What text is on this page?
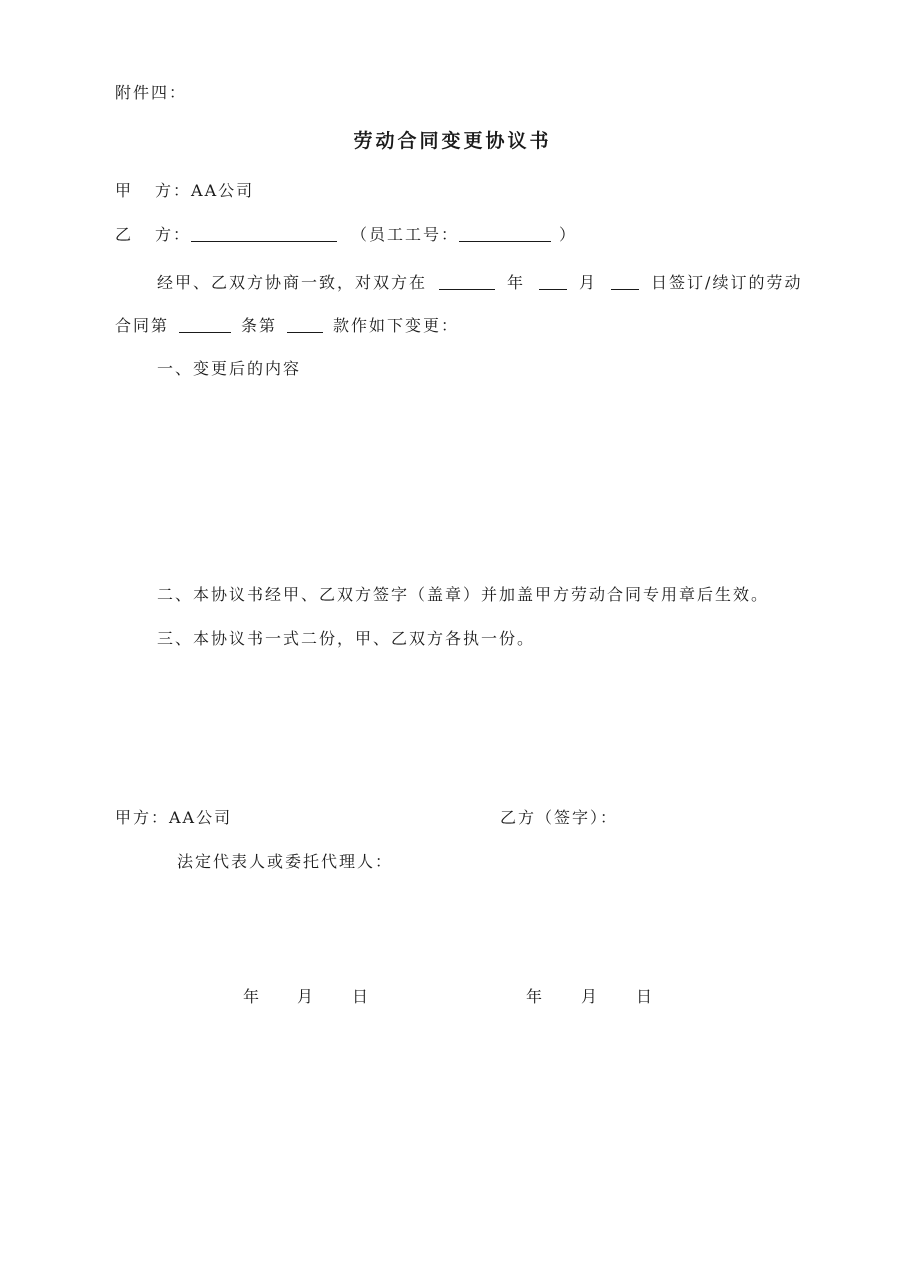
附件四：
劳动合同变更协议书
甲 方：AA公司
乙 方：	（员工工号：	）
经甲、乙双方协商一致，对双方在	年	月	日签订/续订的劳动
合同第	条第	款作如下变更：
一、变更后的内容
二、本协议书经甲、乙双方签字（盖章）并加盖甲方劳动合同专用章后生效。
三、本协议书一式二份，甲、乙双方各执一份。
甲方：AA公司	乙方（签字）：
法定代表人或委托代理人：
年 月 日	年 月 日
